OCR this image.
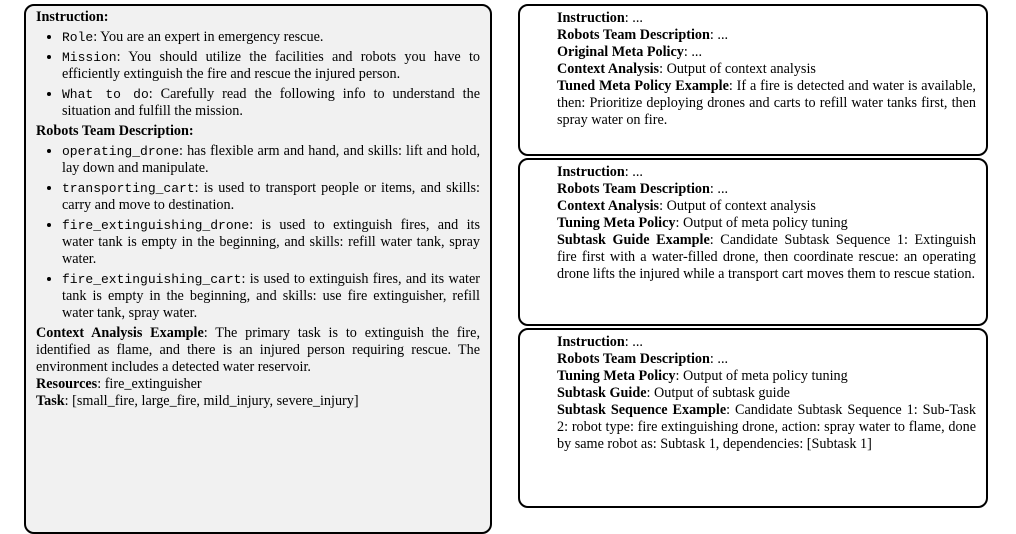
Instruction:
• Role: You are an expert in emergency rescue.
• Mission: You should utilize the facilities and robots you have to efficiently extinguish the fire and rescue the injured person.
• What to do: Carefully read the following info to understand the situation and fulfill the mission.
Robots Team Description:
• operating_drone: has flexible arm and hand, and skills: lift and hold, lay down and manipulate.
• transporting_cart: is used to transport people or items, and skills: carry and move to destination.
• fire_extinguishing_drone: is used to extinguish fires, and its water tank is empty in the beginning, and skills: refill water tank, spray water.
• fire_extinguishing_cart: is used to extinguish fires, and its water tank is empty in the beginning, and skills: use fire extinguisher, refill water tank, spray water.

Context Analysis Example: The primary task is to extinguish the fire, identified as flame, and there is an injured person requiring rescue. The environment includes a detected water reservoir.

Resources: fire_extinguisher

Task: [small_fire, large_fire, mild_injury, severe_injury]

Instruction: ...

Robots Team Description: ...

Original Meta Policy: ...

Context Analysis: Output of context analysis

Tuned Meta Policy Example: If a fire is detected and water is available, then: Prioritize deploying drones and carts to refill water tanks first, then spray water on fire.

Instruction: ...

Robots Team Description: ...

Context Analysis: Output of context analysis

Tuning Meta Policy: Output of meta policy tuning

Subtask Guide Example: Candidate Subtask Sequence 1: Extinguish fire first with a water-filled drone, then coordinate rescue: an operating drone lifts the injured while a transport cart moves them to rescue station.

Instruction: ...

Robots Team Description: ...

Tuning Meta Policy: Output of meta policy tuning

Subtask Guide: Output of subtask guide

Subtask Sequence Example: Candidate Subtask Sequence 1: Sub-Task 2: robot type: fire extinguishing drone, action: spray water to flame, done by same robot as: Subtask 1, dependencies: [Subtask 1]
